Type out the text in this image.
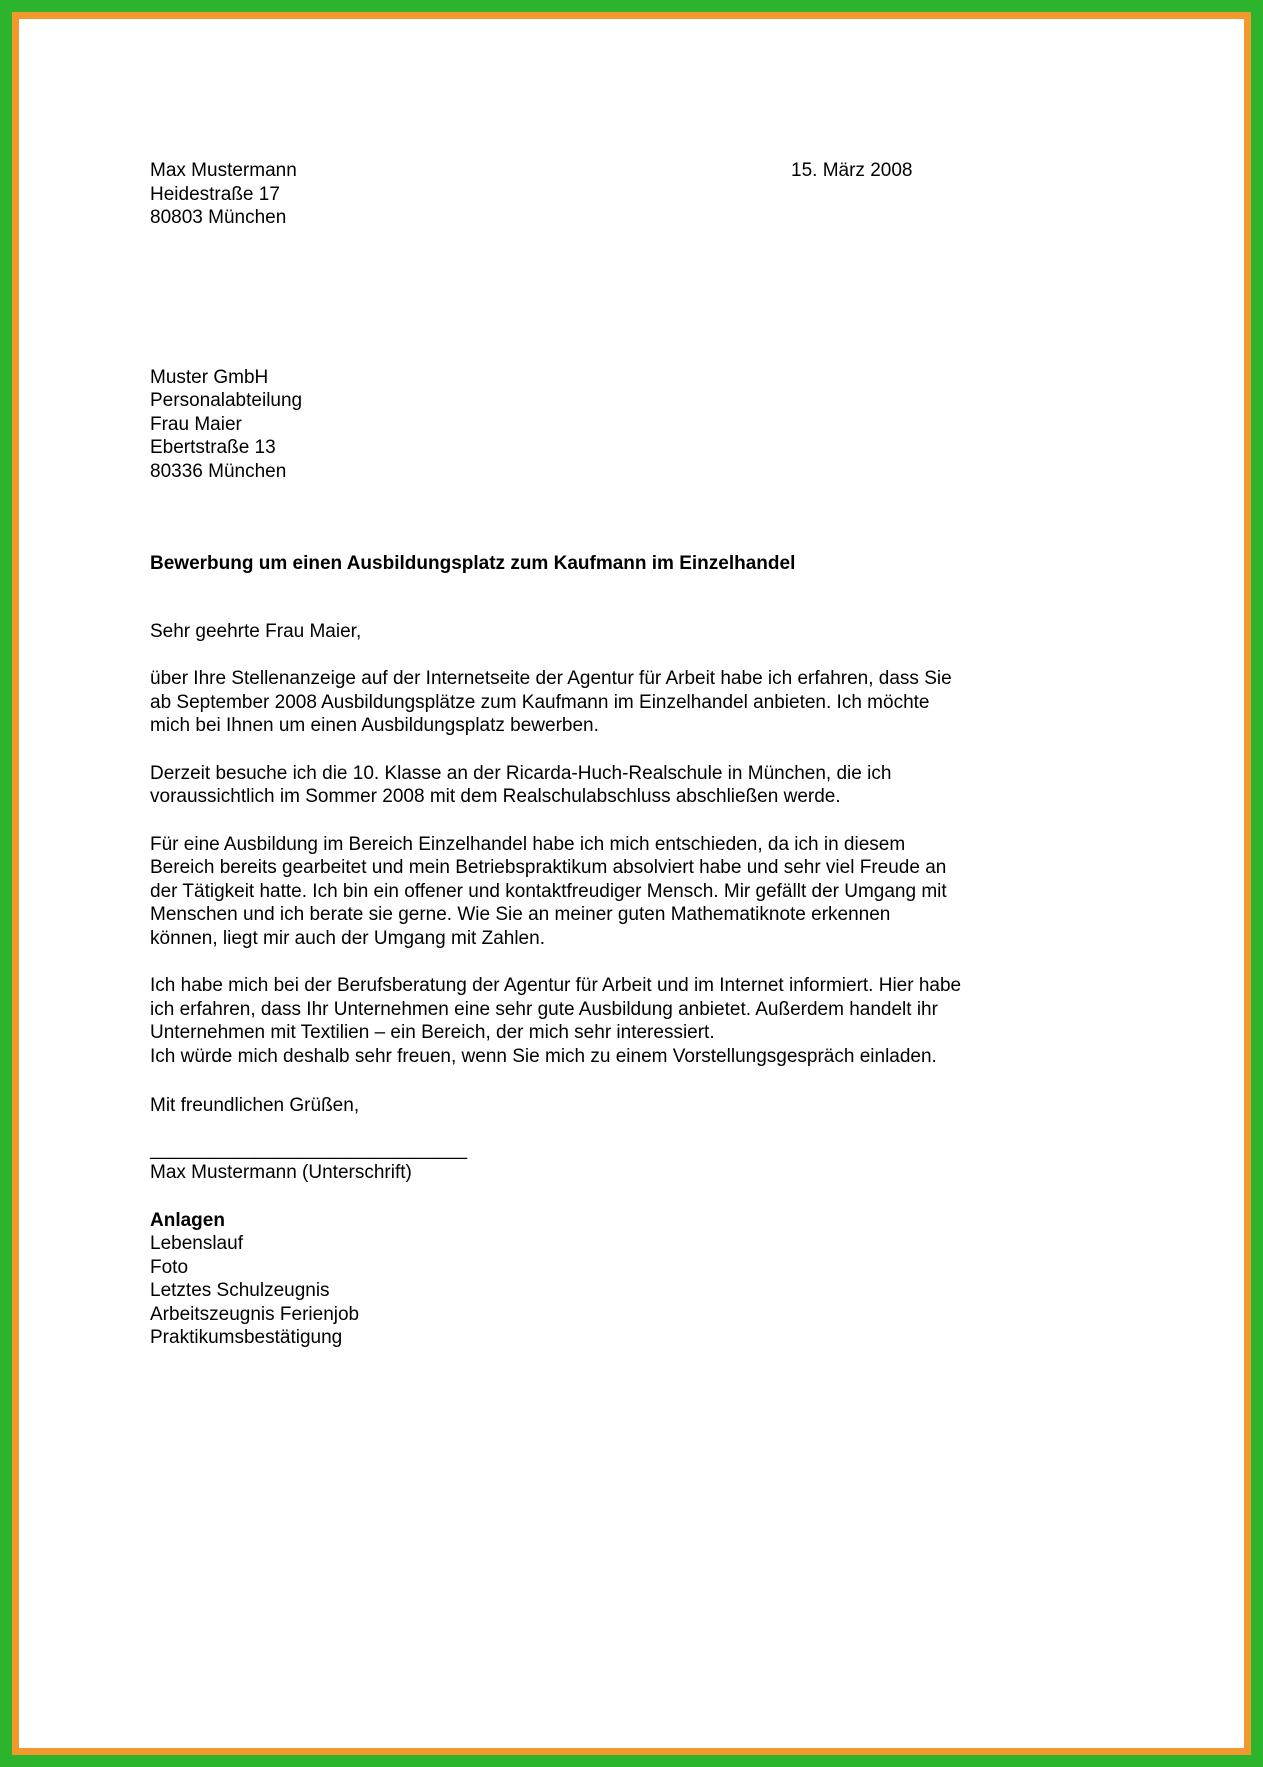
15. März 2008
Max Mustermann
Heidestraße 17
80803 München
Muster GmbH
Personalabteilung
Frau Maier
Ebertstraße 13
80336 München
Bewerbung um einen Ausbildungsplatz zum Kaufmann im Einzelhandel

Sehr geehrte Frau Maier,

über Ihre Stellenanzeige auf der Internetseite der Agentur für Arbeit habe ich erfahren, dass Sie ab September 2008 Ausbildungsplätze zum Kaufmann im Einzelhandel anbieten. Ich möchte mich bei Ihnen um einen Ausbildungsplatz bewerben.

Derzeit besuche ich die 10. Klasse an der Ricarda-Huch-Realschule in München, die ich voraussichtlich im Sommer 2008 mit dem Realschulabschluss abschließen werde.

Für eine Ausbildung im Bereich Einzelhandel habe ich mich entschieden, da ich in diesem Bereich bereits gearbeitet und mein Betriebspraktikum absolviert habe und sehr viel Freude an der Tätigkeit hatte. Ich bin ein offener und kontaktfreudiger Mensch. Mir gefällt der Umgang mit Menschen und ich berate sie gerne. Wie Sie an meiner guten Mathematiknote erkennen können, liegt mir auch der Umgang mit Zahlen.

Ich habe mich bei der Berufsberatung der Agentur für Arbeit und im Internet informiert. Hier habe ich erfahren, dass Ihr Unternehmen eine sehr gute Ausbildung anbietet. Außerdem handelt ihr Unternehmen mit Textilien – ein Bereich, der mich sehr interessiert.

Ich würde mich deshalb sehr freuen, wenn Sie mich zu einem Vorstellungsgespräch einladen.

Mit freundlichen Grüßen,

______________________________
Max Mustermann (Unterschrift)
Anlagen
Lebenslauf
Foto
Letztes Schulzeugnis
Arbeitszeugnis Ferienjob
Praktikumsbestätigung
